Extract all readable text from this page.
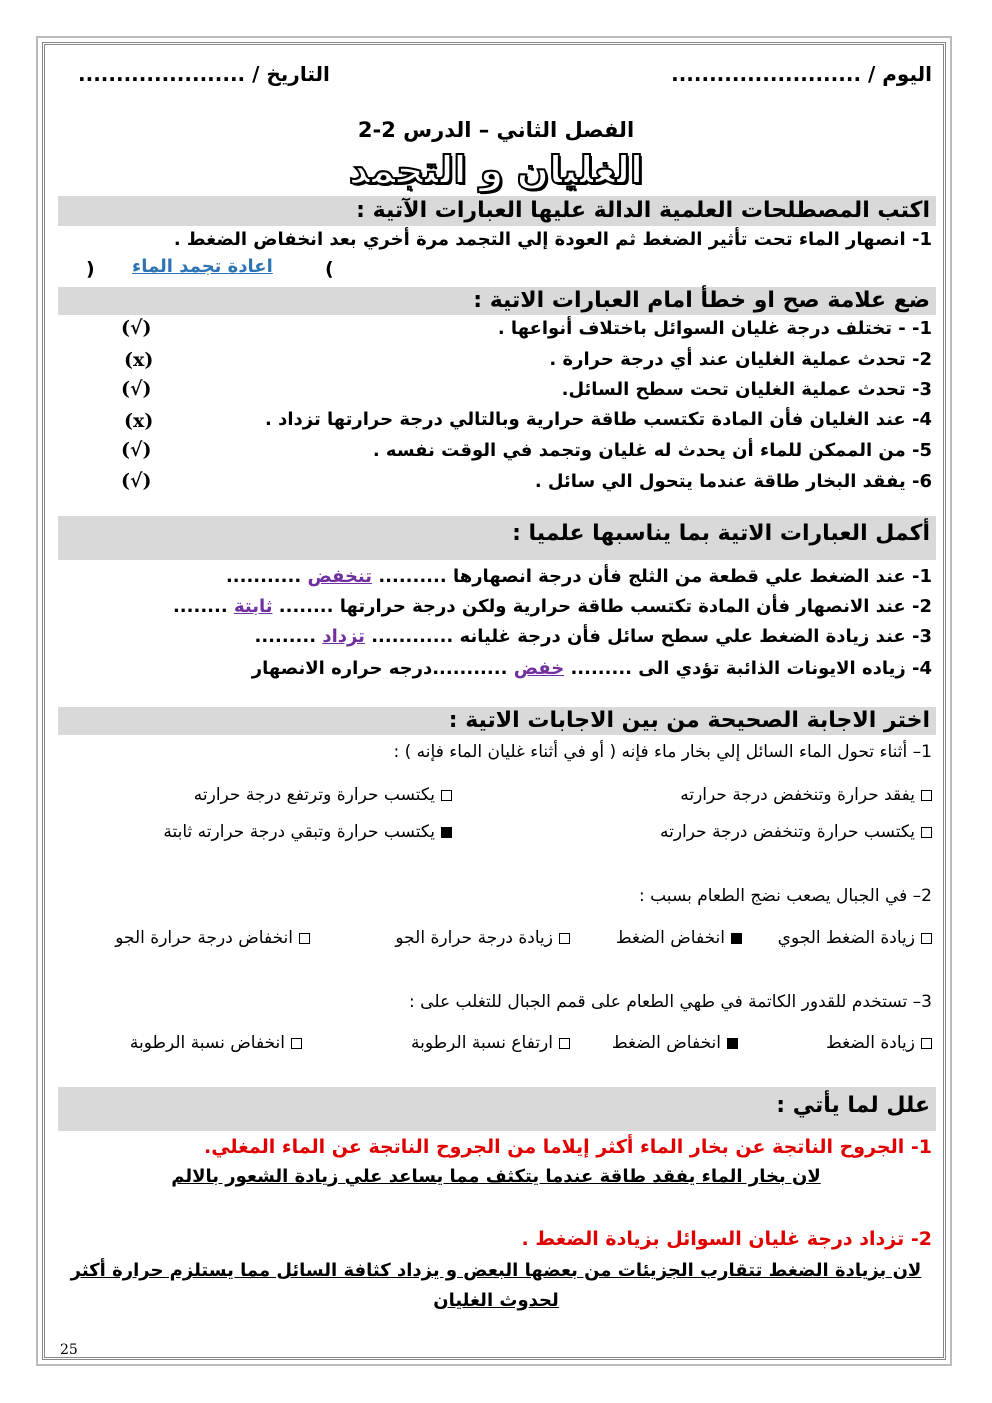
اليوم / .........................
التاريخ / ......................
الفصل الثاني – الدرس 2-2
الغليان و التجمد
اكتب المصطلحات العلمية الدالة عليها العبارات الآتية :
1- انصهار الماء تحت تأثير الضغط ثم العودة إلي التجمد مرة أخري بعد انخفاض الضغط .
(
اعادة تجمد الماء
)
ضع علامة صح او خطأ امام العبارات الاتية :
1- - تختلف درجة غليان السوائل باختلاف أنواعها .
(√)
2- تحدث عملية الغليان عند أي درجة حرارة .
(x)
3- تحدث عملية الغليان تحت سطح السائل.
(√)
4- عند الغليان فأن المادة تكتسب طاقة حرارية وبالتالي درجة حرارتها تزداد .
(x)
5- من الممكن للماء أن يحدث له غليان وتجمد في الوقت نفسه .
(√)
6- يفقد البخار طاقة عندما يتحول الي سائل .
(√)
أكمل العبارات الاتية بما يناسبها علميا :
1- عند الضغط علي قطعة من الثلج فأن درجة انصهارها .......... تنخفض ...........
2- عند الانصهار فأن المادة تكتسب طاقة حرارية ولكن درجة حرارتها ........ ثابتة ........
3- عند زيادة الضغط علي سطح سائل فأن درجة غليانه ............ تزداد .........
4- زياده الايونات الذائبة تؤدي الى ......... خفض ...........درجه حراره الانصهار
اختر الاجابة الصحيحة من بين الاجابات الاتية :
1– أثناء تحول الماء السائل إلي بخار ماء فإنه ( أو في أثناء غليان الماء فإنه ) :
يفقد حرارة وتنخفض درجة حرارته
يكتسب حرارة وترتفع درجة حرارته
يكتسب حرارة وتنخفض درجة حرارته
يكتسب حرارة وتبقي درجة حرارته ثابتة
2– في الجبال يصعب نضج الطعام بسبب :
زيادة الضغط الجوي
انخفاض الضغط
زيادة درجة حرارة الجو
انخفاض درجة حرارة الجو
3– تستخدم للقدور الكاتمة في طهي الطعام على قمم الجبال للتغلب على :
زيادة الضغط
انخفاض الضغط
ارتفاع نسبة الرطوبة
انخفاض نسبة الرطوبة
علل لما يأتي :
1- الجروح الناتجة عن بخار الماء أكثر إيلاما من الجروح الناتجة عن الماء المغلي.
لان بخار الماء يفقد طاقة عندما يتكثف مما يساعد علي زيادة الشعور بالالم
2- تزداد درجة غليان السوائل بزيادة الضغط .
لان بزيادة الضغط تتقارب الجزيئات من بعضها البعض و يزداد كثافة السائل مما يستلزم حرارة أكثر
لحدوث الغليان
25
